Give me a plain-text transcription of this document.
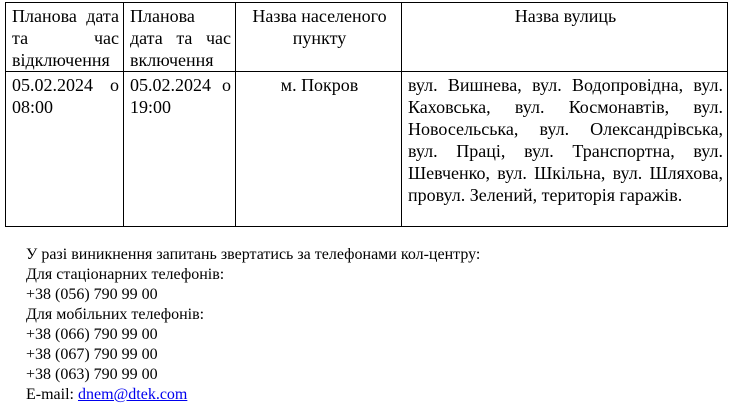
Планова дата та час відключення	Планова дата та час включення	Назва населеного пункту	Назва вулиць
05.02.2024 о 08:00	05.02.2024 о 19:00	м. Покров	вул. Вишнева, вул. Водопровідна, вул. Каховська, вул. Космонавтів, вул. Новосельська, вул. Олександрівська, вул. Праці, вул. Транспортна, вул. Шевченко, вул. Шкільна, вул. Шляхова, провул. Зелений, територія гаражів.
У разі виникнення запитань звертатись за телефонами кол-центру:
Для стаціонарних телефонів:
+38 (056) 790 99 00
Для мобільних телефонів:
+38 (066) 790 99 00
+38 (067) 790 99 00
+38 (063) 790 99 00
E-mail: dnem@dtek.com
